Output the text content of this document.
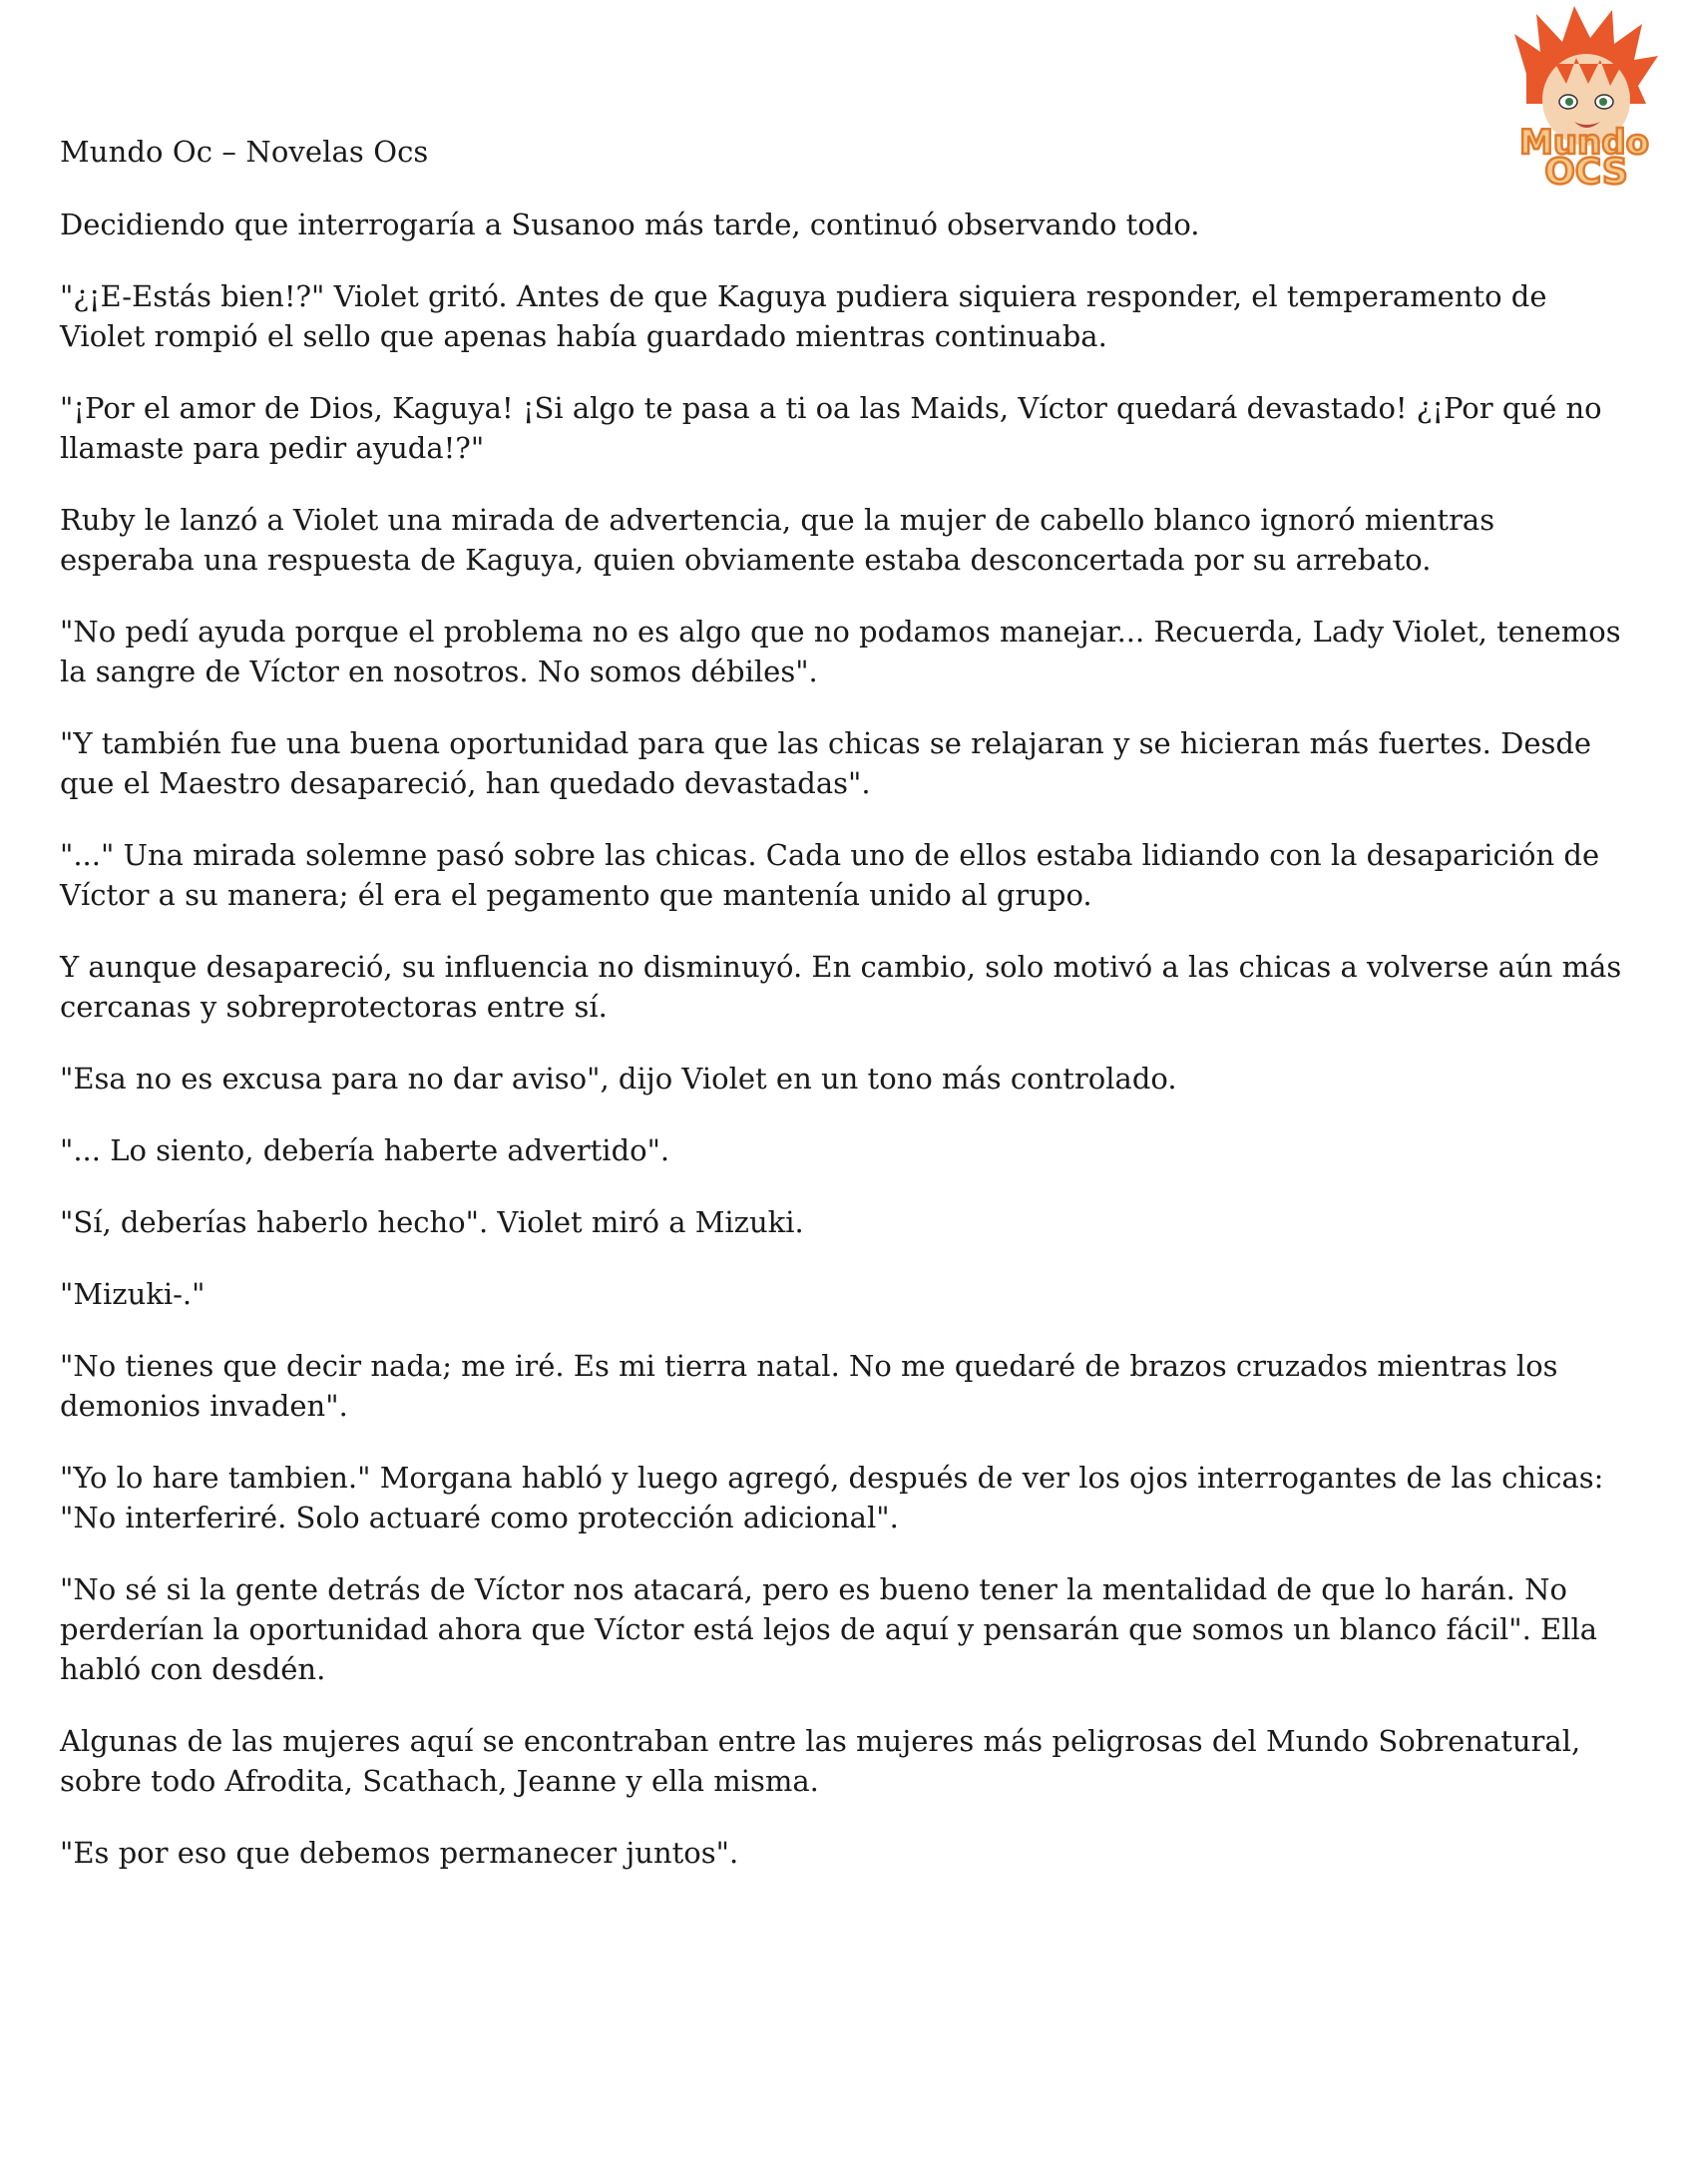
Mundo Oc – Novelas Ocs	Mundo
OCS

Decidiendo que interrogaría a Susanoo más tarde, continuó observando todo.

"¿¡E-Estás bien!?" Violet gritó. Antes de que Kaguya pudiera siquiera responder, el temperamento de Violet rompió el sello que apenas había guardado mientras continuaba.

"¡Por el amor de Dios, Kaguya! ¡Si algo te pasa a ti oa las Maids, Víctor quedará devastado! ¿¡Por qué no llamaste para pedir ayuda!?"

Ruby le lanzó a Violet una mirada de advertencia, que la mujer de cabello blanco ignoró mientras esperaba una respuesta de Kaguya, quien obviamente estaba desconcertada por su arrebato.

"No pedí ayuda porque el problema no es algo que no podamos manejar... Recuerda, Lady Violet, tenemos la sangre de Víctor en nosotros. No somos débiles".

"Y también fue una buena oportunidad para que las chicas se relajaran y se hicieran más fuertes. Desde que el Maestro desapareció, han quedado devastadas".

"..." Una mirada solemne pasó sobre las chicas. Cada uno de ellos estaba lidiando con la desaparición de Víctor a su manera; él era el pegamento que mantenía unido al grupo.

Y aunque desapareció, su influencia no disminuyó. En cambio, solo motivó a las chicas a volverse aún más cercanas y sobreprotectoras entre sí.

"Esa no es excusa para no dar aviso", dijo Violet en un tono más controlado.

"... Lo siento, debería haberte advertido".

"Sí, deberías haberlo hecho". Violet miró a Mizuki.

"Mizuki-."

"No tienes que decir nada; me iré. Es mi tierra natal. No me quedaré de brazos cruzados mientras los demonios invaden".

"Yo lo hare tambien." Morgana habló y luego agregó, después de ver los ojos interrogantes de las chicas: "No interferiré. Solo actuaré como protección adicional".

"No sé si la gente detrás de Víctor nos atacará, pero es bueno tener la mentalidad de que lo harán. No perderían la oportunidad ahora que Víctor está lejos de aquí y pensarán que somos un blanco fácil". Ella habló con desdén.

Algunas de las mujeres aquí se encontraban entre las mujeres más peligrosas del Mundo Sobrenatural, sobre todo Afrodita, Scathach, Jeanne y ella misma.

"Es por eso que debemos permanecer juntos".
